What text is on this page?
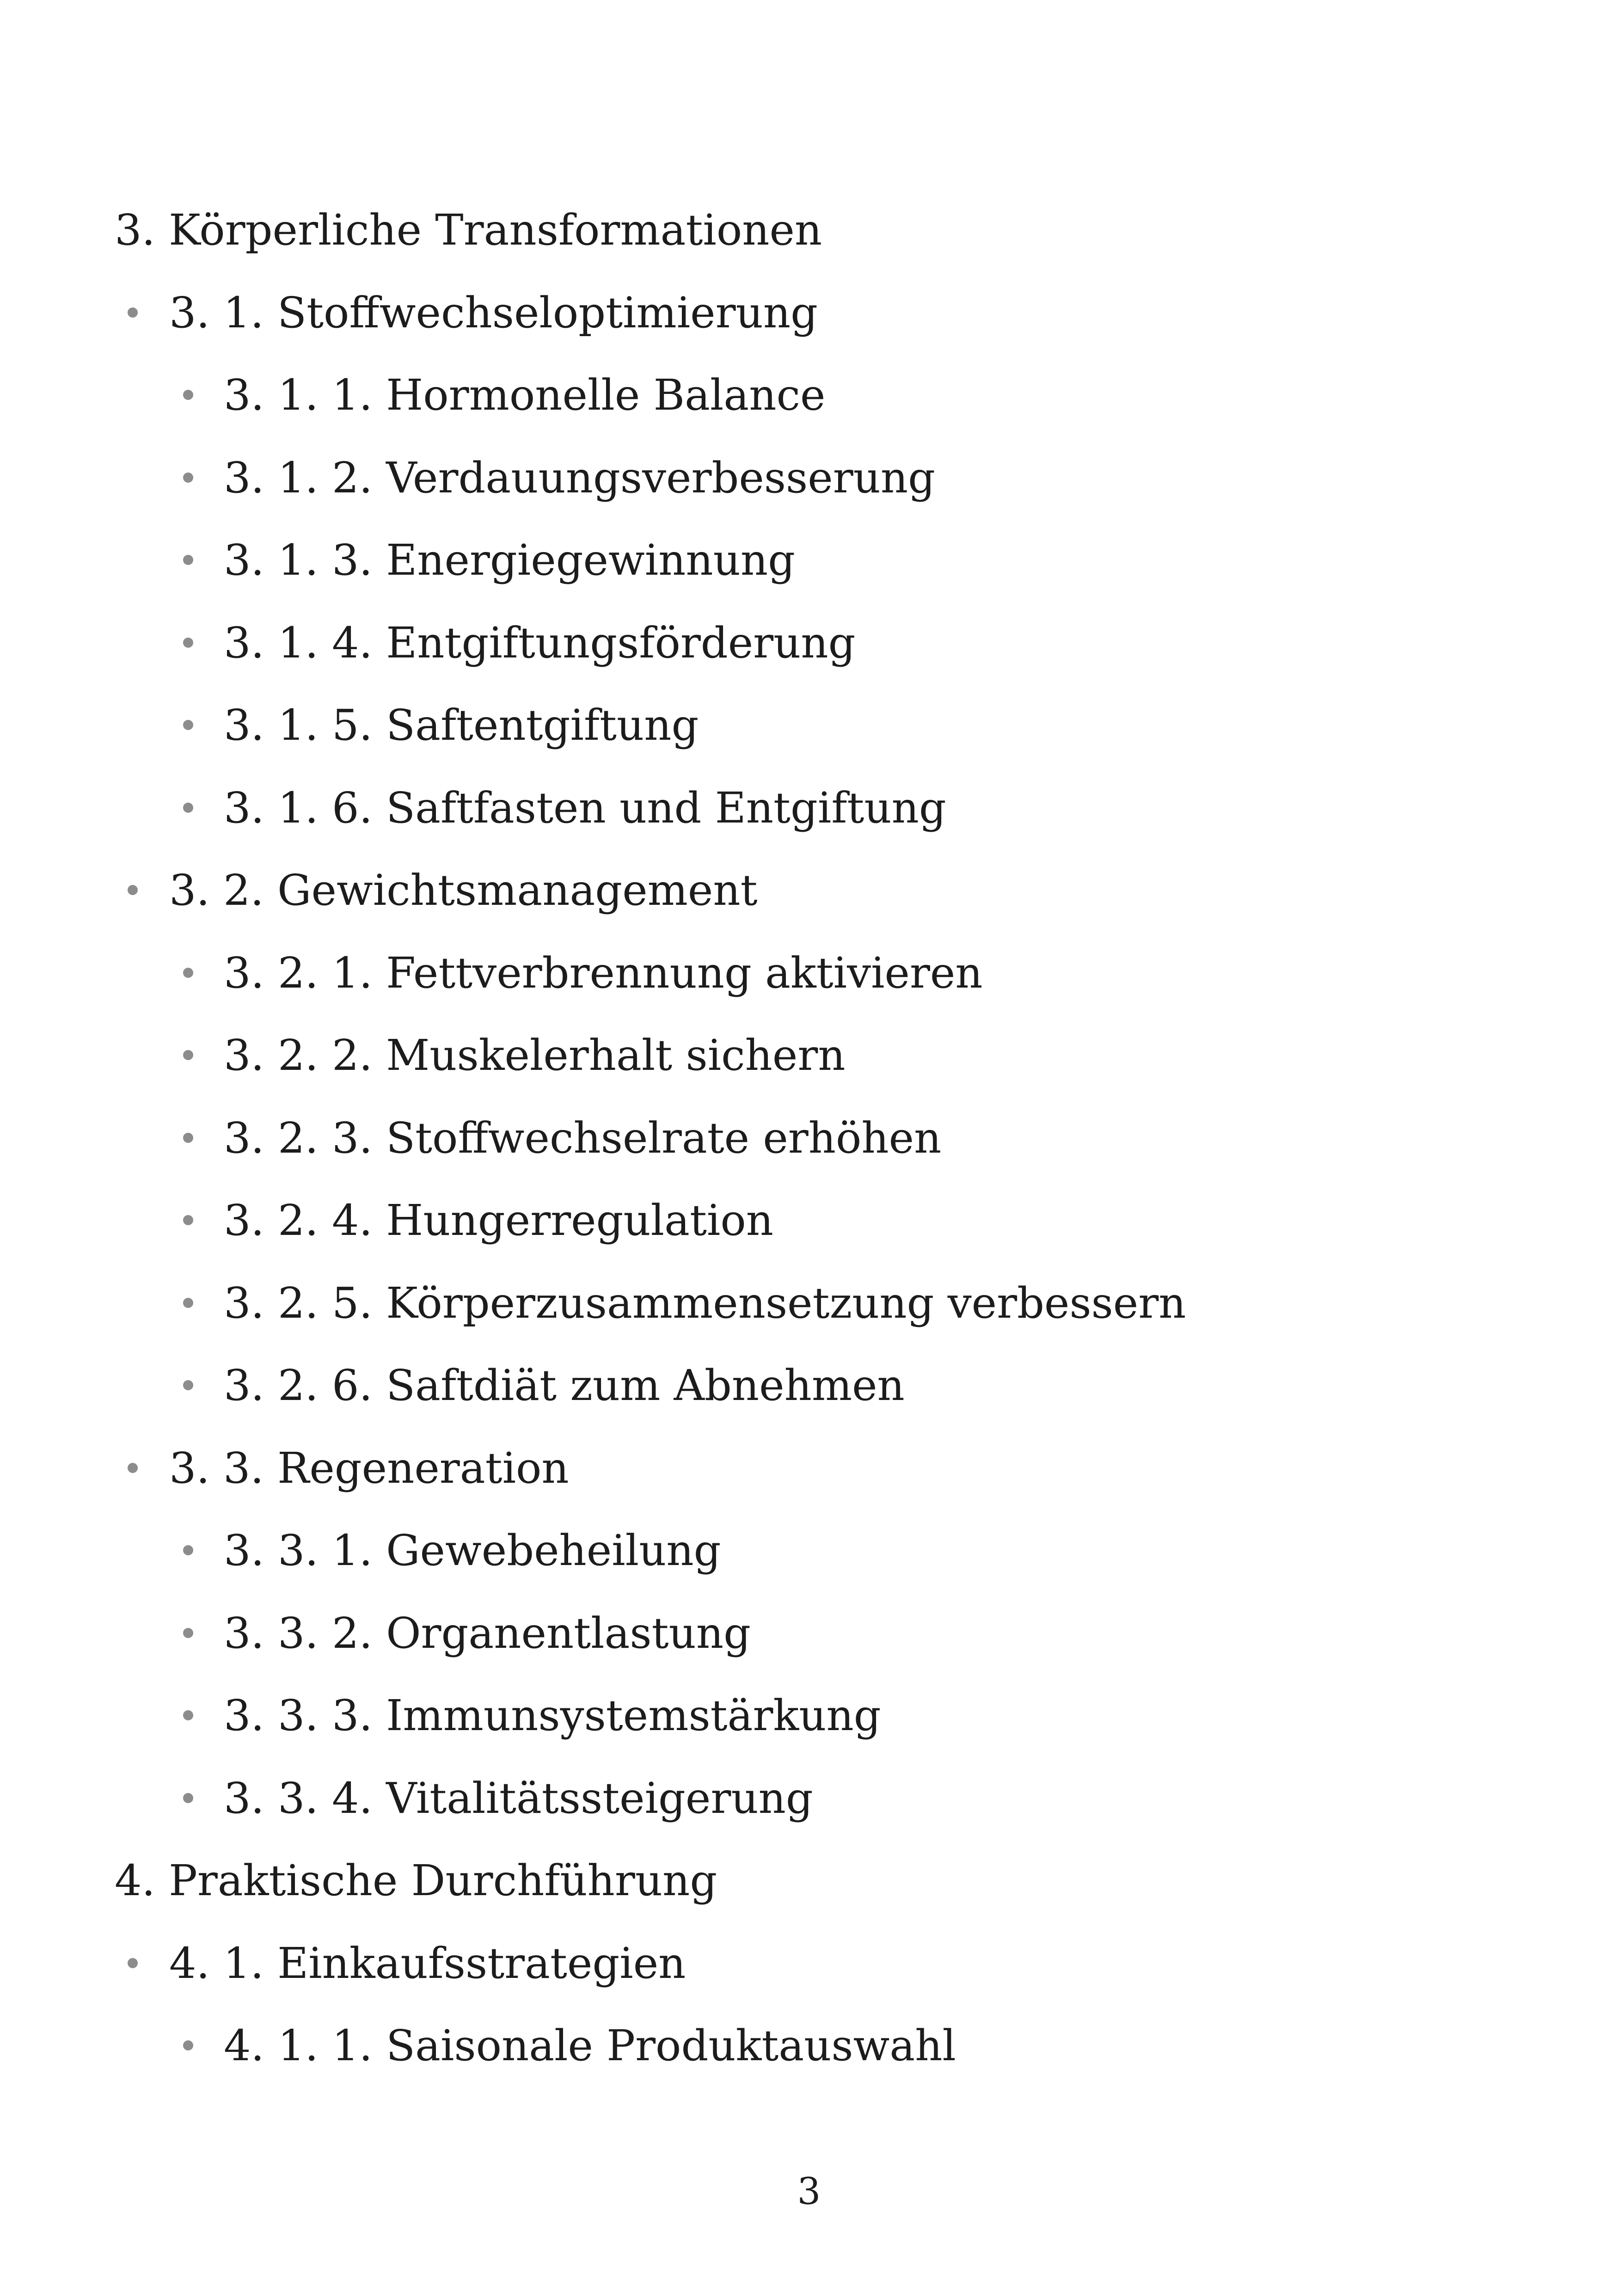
3. Körperliche Transformationen
3. 1. Stoffwechseloptimierung
3. 1. 1. Hormonelle Balance
3. 1. 2. Verdauungsverbesserung
3. 1. 3. Energiegewinnung
3. 1. 4. Entgiftungsförderung
3. 1. 5. Saftentgiftung
3. 1. 6. Saftfasten und Entgiftung
3. 2. Gewichtsmanagement
3. 2. 1. Fettverbrennung aktivieren
3. 2. 2. Muskelerhalt sichern
3. 2. 3. Stoffwechselrate erhöhen
3. 2. 4. Hungerregulation
3. 2. 5. Körperzusammensetzung verbessern
3. 2. 6. Saftdiät zum Abnehmen
3. 3. Regeneration
3. 3. 1. Gewebeheilung
3. 3. 2. Organentlastung
3. 3. 3. Immunsystemstärkung
3. 3. 4. Vitalitätssteigerung
4. Praktische Durchführung
4. 1. Einkaufsstrategien
4. 1. 1. Saisonale Produktauswahl
3
